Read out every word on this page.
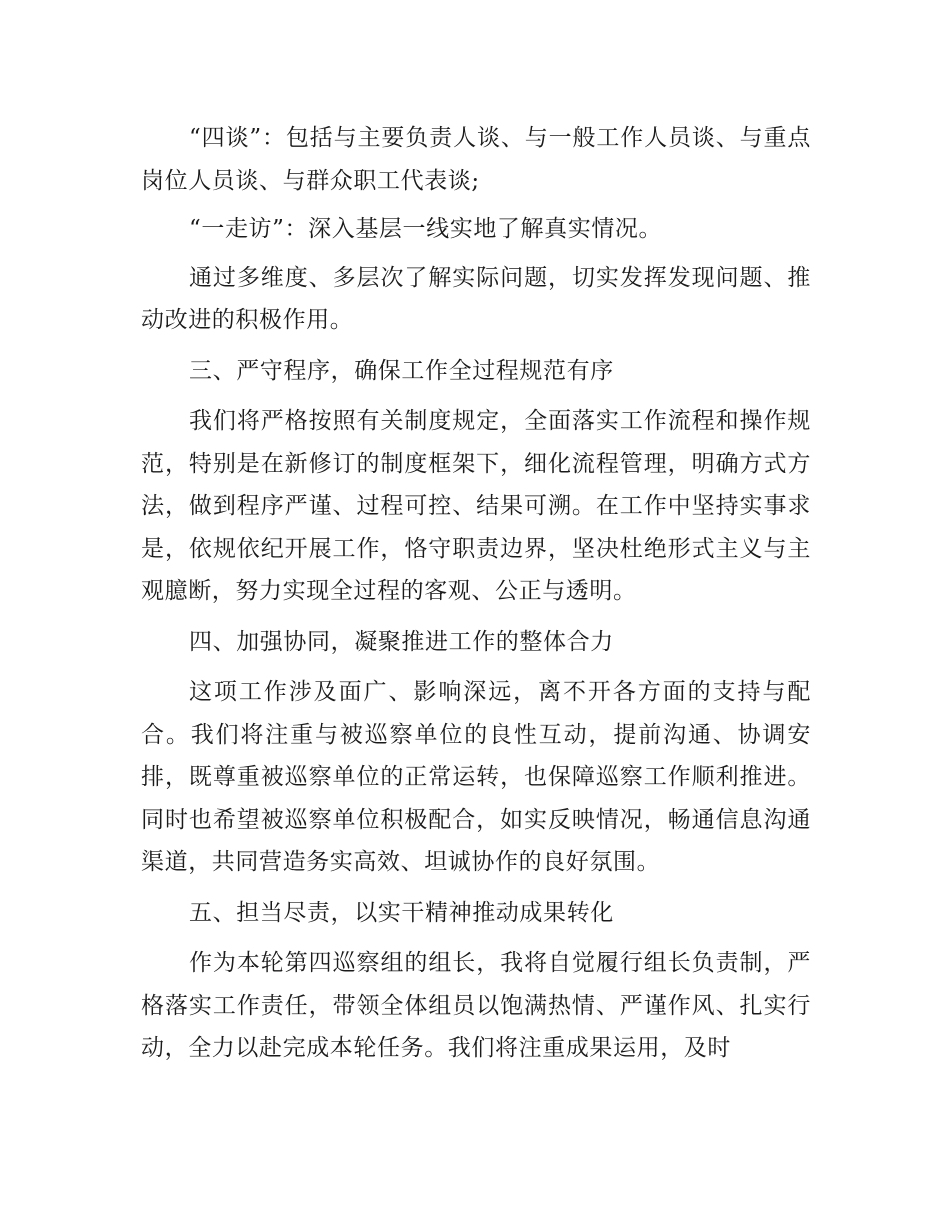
“四谈”：包括与主要负责人谈、与一般工作人员谈、与重点岗位人员谈、与群众职工代表谈;

“一走访”：深入基层一线实地了解真实情况。

通过多维度、多层次了解实际问题，切实发挥发现问题、推动改进的积极作用。

三、严守程序，确保工作全过程规范有序

我们将严格按照有关制度规定，全面落实工作流程和操作规范，特别是在新修订的制度框架下，细化流程管理，明确方式方法，做到程序严谨、过程可控、结果可溯。在工作中坚持实事求是，依规依纪开展工作，恪守职责边界，坚决杜绝形式主义与主观臆断，努力实现全过程的客观、公正与透明。

四、加强协同，凝聚推进工作的整体合力

这项工作涉及面广、影响深远，离不开各方面的支持与配合。我们将注重与被巡察单位的良性互动，提前沟通、协调安排，既尊重被巡察单位的正常运转，也保障巡察工作顺利推进。同时也希望被巡察单位积极配合，如实反映情况，畅通信息沟通渠道，共同营造务实高效、坦诚协作的良好氛围。

五、担当尽责，以实干精神推动成果转化

作为本轮第四巡察组的组长，我将自觉履行组长负责制，严格落实工作责任，带领全体组员以饱满热情、严谨作风、扎实行动，全力以赴完成本轮任务。我们将注重成果运用，及时
